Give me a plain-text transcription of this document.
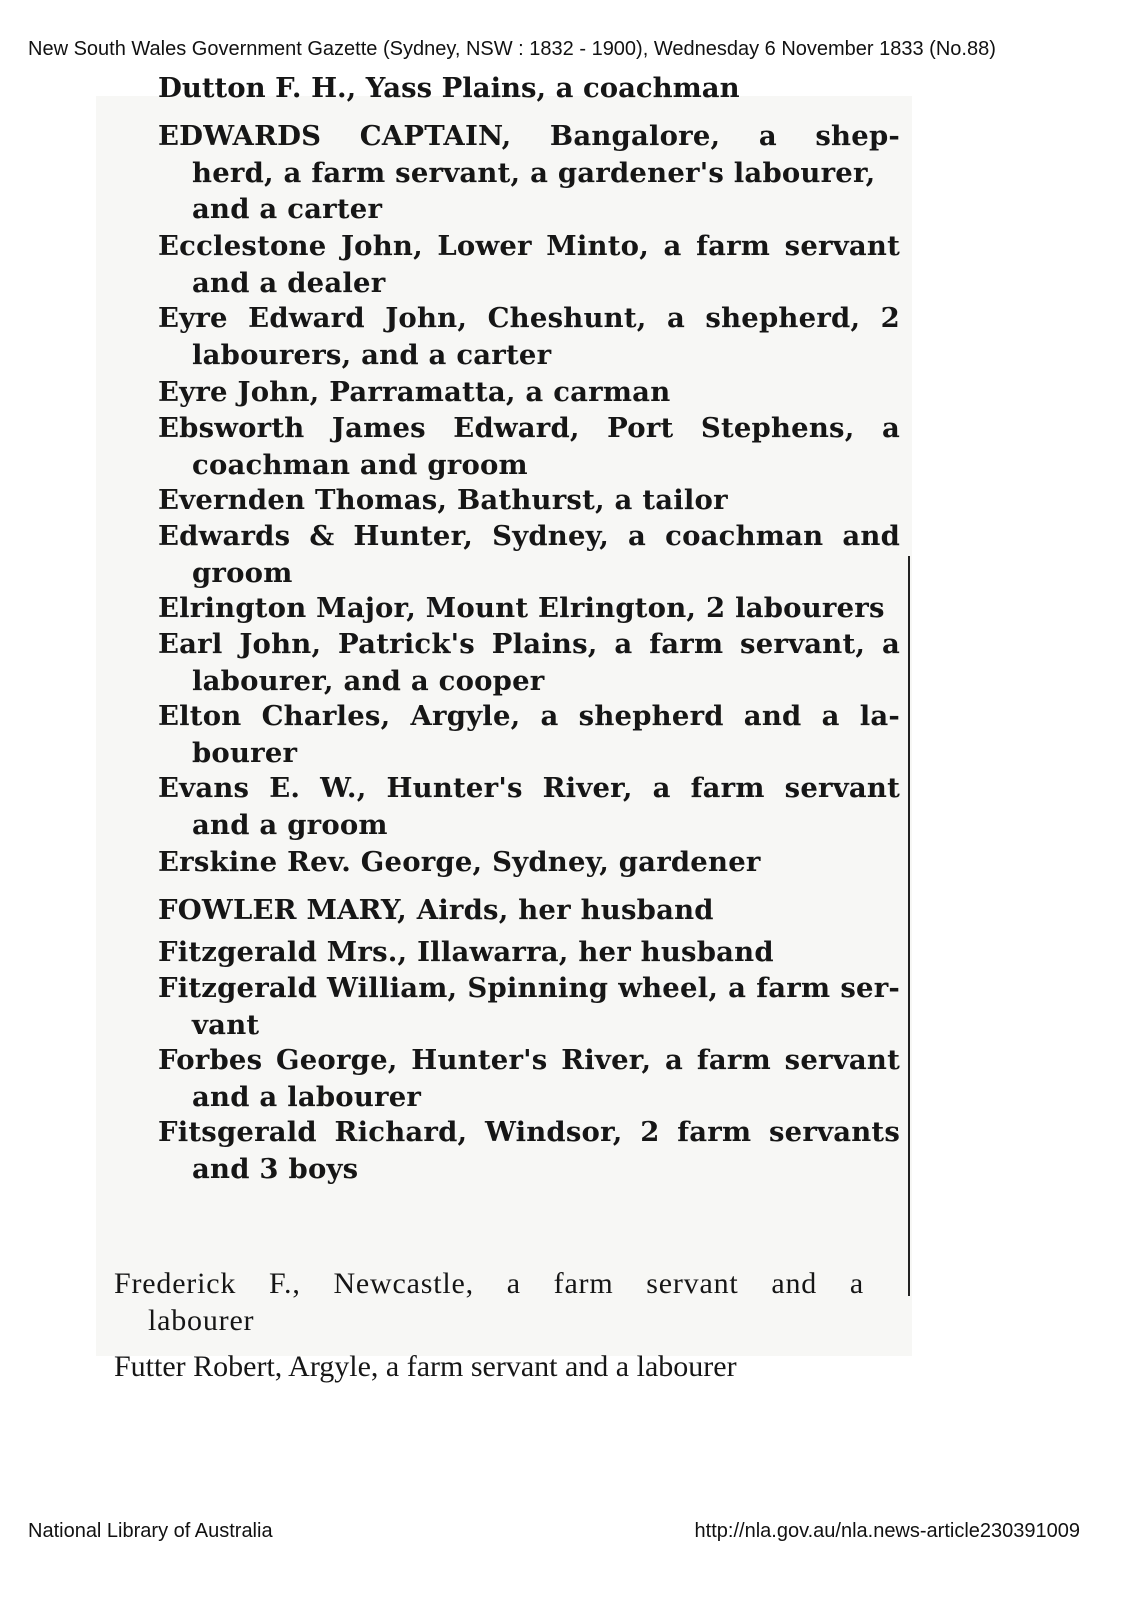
New South Wales Government Gazette (Sydney, NSW : 1832 - 1900), Wednesday 6 November 1833 (No.88)
Dutton F. H., Yass Plains, a coachman
EDWARDS CAPTAIN, Bangalore, a shep-
herd, a farm servant, a gardener's labourer,
and a carter
Ecclestone John, Lower Minto, a farm servant
and a dealer
Eyre Edward John, Cheshunt, a shepherd, 2
labourers, and a carter
Eyre John, Parramatta, a carman
Ebsworth James Edward, Port Stephens, a
coachman and groom
Evernden Thomas, Bathurst, a tailor
Edwards & Hunter, Sydney, a coachman and
groom
Elrington Major, Mount Elrington, 2 labourers
Earl John, Patrick's Plains, a farm servant, a
labourer, and a cooper
Elton Charles, Argyle, a shepherd and a la-
bourer
Evans E. W., Hunter's River, a farm servant
and a groom
Erskine Rev. George, Sydney, gardener
FOWLER MARY, Airds, her husband
Fitzgerald Mrs., Illawarra, her husband
Fitzgerald William, Spinning wheel, a farm ser-
vant
Forbes George, Hunter's River, a farm servant
and a labourer
Fitsgerald Richard, Windsor, 2 farm servants
and 3 boys
Frederick F., Newcastle, a farm servant and a
labourer
Futter Robert, Argyle, a farm servant and a labourer
National Library of Australia	http://nla.gov.au/nla.news-article230391009
